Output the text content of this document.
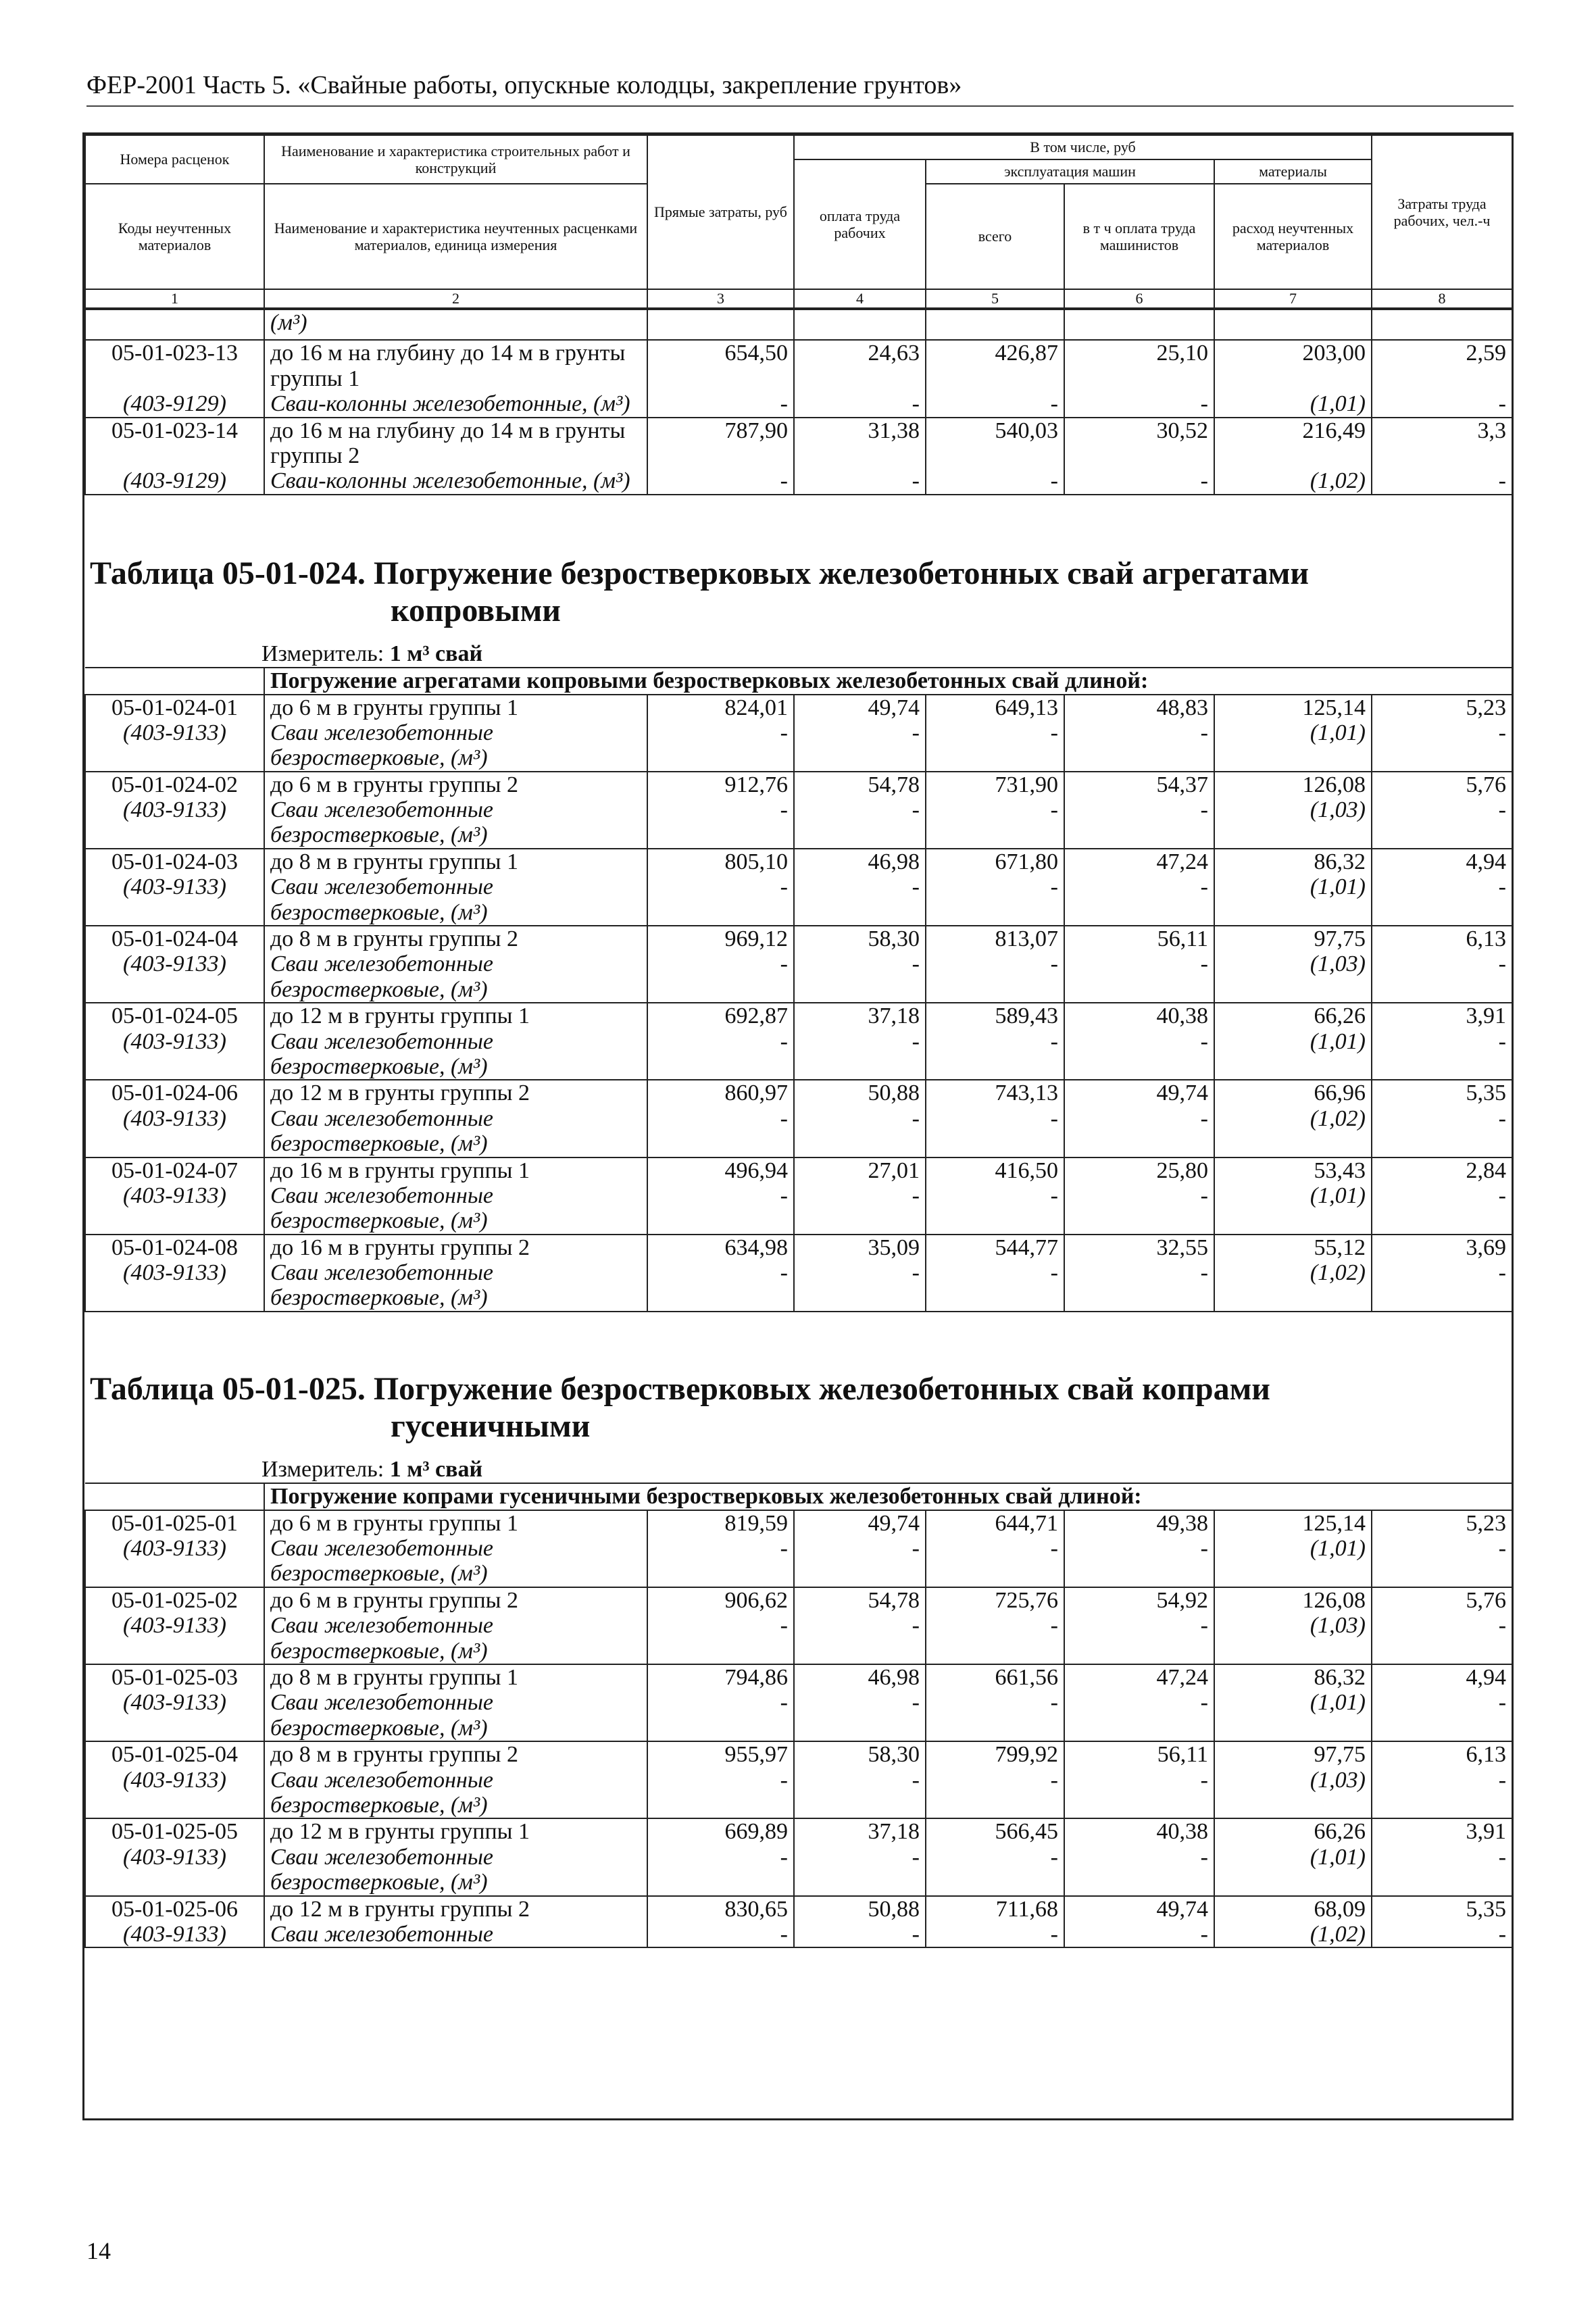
ФЕР-2001 Часть 5. «Свайные работы, опускные колодцы, закрепление грунтов»
Номера расценок	Наименование и характеристика строительных работ и конструкций	Прямые затраты, руб	В том числе, руб				Затраты труда рабочих, чел.-ч
			оплата труда рабочих	эксплуатация машин		материалы	
Коды неучтенных материалов	Наименование и характеристика неучтенных расценками материалов, единица измерения			всего	в т ч оплата труда машинистов	расход неучтенных материалов	

1	2	3	4	5	6	7	8
	(м³)						

05-01-023-13	до 16 м на глубину до 14 м в грунты группы 1	654,50	24,63	426,87	25,10	203,00	2,59
(403-9129)	Сваи-колонны железобетонные, (м³)	-	-	-	-	(1,01)	-
05-01-023-14	до 16 м на глубину до 14 м в грунты группы 2	787,90	31,38	540,03	30,52	216,49	3,3
(403-9129)	Сваи-колонны железобетонные, (м³)	-	-	-	-	(1,02)	-
Таблица 05-01-024. Погружение безростверковых железобетонных свай агрегатами
копровыми
Измеритель: 1 м³ свай
	Погружение агрегатами копровыми безростверковых железобетонных свай длиной:						
05-01-024-01	до 6 м в грунты группы 1	824,01	49,74	649,13	48,83	125,14	5,23
(403-9133)	Сваи железобетонные	-	-	-	-	(1,01)	-
	безростверковые, (м³)						
05-01-024-02	до 6 м в грунты группы 2	912,76	54,78	731,90	54,37	126,08	5,76
(403-9133)	Сваи железобетонные	-	-	-	-	(1,03)	-
	безростверковые, (м³)						
05-01-024-03	до 8 м в грунты группы 1	805,10	46,98	671,80	47,24	86,32	4,94
(403-9133)	Сваи железобетонные	-	-	-	-	(1,01)	-
	безростверковые, (м³)						
05-01-024-04	до 8 м в грунты группы 2	969,12	58,30	813,07	56,11	97,75	6,13
(403-9133)	Сваи железобетонные	-	-	-	-	(1,03)	-
	безростверковые, (м³)						
05-01-024-05	до 12 м в грунты группы 1	692,87	37,18	589,43	40,38	66,26	3,91
(403-9133)	Сваи железобетонные	-	-	-	-	(1,01)	-
	безростверковые, (м³)						
05-01-024-06	до 12 м в грунты группы 2	860,97	50,88	743,13	49,74	66,96	5,35
(403-9133)	Сваи железобетонные	-	-	-	-	(1,02)	-
	безростверковые, (м³)						
05-01-024-07	до 16 м в грунты группы 1	496,94	27,01	416,50	25,80	53,43	2,84
(403-9133)	Сваи железобетонные	-	-	-	-	(1,01)	-
	безростверковые, (м³)						
05-01-024-08	до 16 м в грунты группы 2	634,98	35,09	544,77	32,55	55,12	3,69
(403-9133)	Сваи железобетонные	-	-	-	-	(1,02)	-
	безростверковые, (м³)						
Таблица 05-01-025. Погружение безростверковых железобетонных свай копрами
гусеничными
Измеритель: 1 м³ свай
	Погружение копрами гусеничными безростверковых железобетонных свай длиной:						
05-01-025-01	до 6 м в грунты группы 1	819,59	49,74	644,71	49,38	125,14	5,23
(403-9133)	Сваи железобетонные	-	-	-	-	(1,01)	-
	безростверковые, (м³)						
05-01-025-02	до 6 м в грунты группы 2	906,62	54,78	725,76	54,92	126,08	5,76
(403-9133)	Сваи железобетонные	-	-	-	-	(1,03)	-
	безростверковые, (м³)						
05-01-025-03	до 8 м в грунты группы 1	794,86	46,98	661,56	47,24	86,32	4,94
(403-9133)	Сваи железобетонные	-	-	-	-	(1,01)	-
	безростверковые, (м³)						
05-01-025-04	до 8 м в грунты группы 2	955,97	58,30	799,92	56,11	97,75	6,13
(403-9133)	Сваи железобетонные	-	-	-	-	(1,03)	-
	безростверковые, (м³)						
05-01-025-05	до 12 м в грунты группы 1	669,89	37,18	566,45	40,38	66,26	3,91
(403-9133)	Сваи железобетонные	-	-	-	-	(1,01)	-
	безростверковые, (м³)						
05-01-025-06	до 12 м в грунты группы 2	830,65	50,88	711,68	49,74	68,09	5,35
(403-9133)	Сваи железобетонные	-	-	-	-	(1,02)	-
14
